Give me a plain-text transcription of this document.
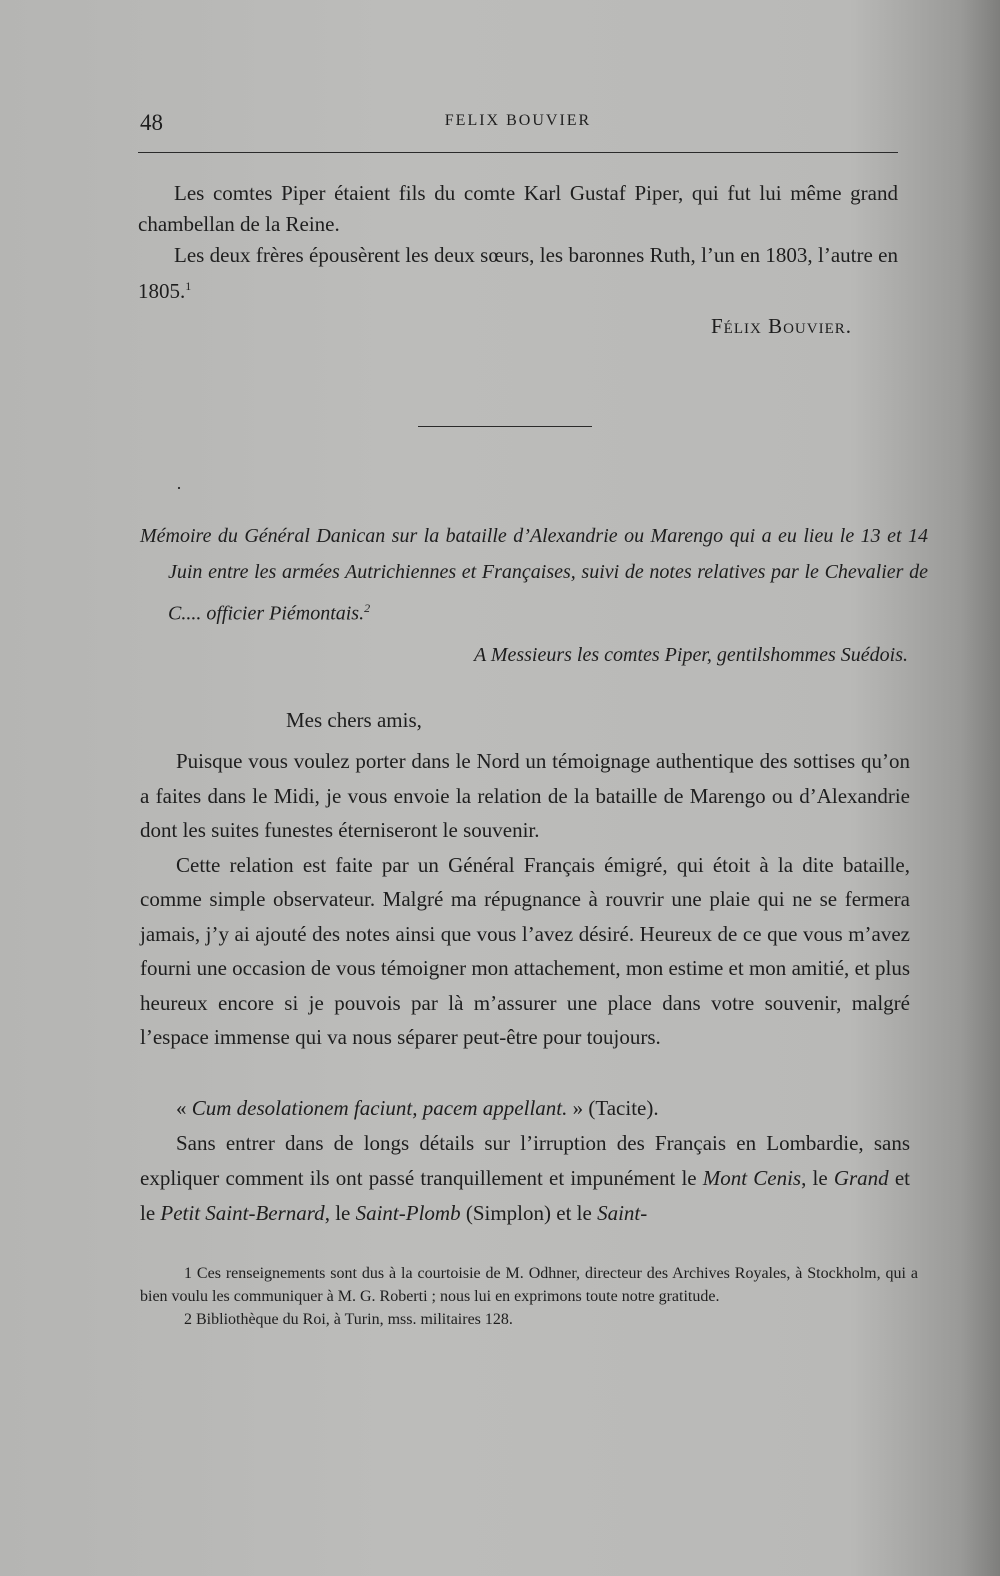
48	FELIX BOUVIER

Les comtes Piper étaient fils du comte Karl Gustaf Piper, qui fut lui même grand chambellan de la Reine.

Les deux frères épousèrent les deux sœurs, les baronnes Ruth, l’un en 1803, l’autre en 1805.$^1$

Félix Bouvier.

·
Mémoire du Général Danican sur la bataille d’Alexandrie ou Marengo qui a eu lieu le 13 et 14 Juin entre les armées Autrichiennes et Françaises, suivi de notes relatives par le Chevalier de C.... officier Piémontais.$^2$
A Messieurs les comtes Piper, gentilshommes Suédois.
Mes chers amis,

Puisque vous voulez porter dans le Nord un témoignage authentique des sottises qu’on a faites dans le Midi, je vous envoie la relation de la bataille de Marengo ou d’Alexandrie dont les suites funestes éterniseront le souvenir.

Cette relation est faite par un Général Français émigré, qui étoit à la dite bataille, comme simple observateur. Malgré ma répugnance à rouvrir une plaie qui ne se fermera jamais, j’y ai ajouté des notes ainsi que vous l’avez désiré. Heureux de ce que vous m’avez fourni une occasion de vous témoigner mon attachement, mon estime et mon amitié, et plus heureux encore si je pouvois par là m’assurer une place dans votre souvenir, malgré l’espace immense qui va nous séparer peut-être pour toujours.

« Cum desolationem faciunt, pacem appellant. » (Tacite).

Sans entrer dans de longs détails sur l’irruption des Français en Lombardie, sans expliquer comment ils ont passé tranquillement et impunément le Mont Cenis, le Grand et le Petit Saint-Bernard, le Saint-Plomb (Simplon) et le Saint-

1 Ces renseignements sont dus à la courtoisie de M. Odhner, directeur des Archives Royales, à Stockholm, qui a bien voulu les communiquer à M. G. Roberti ; nous lui en exprimons toute notre gratitude.

2 Bibliothèque du Roi, à Turin, mss. militaires 128.
